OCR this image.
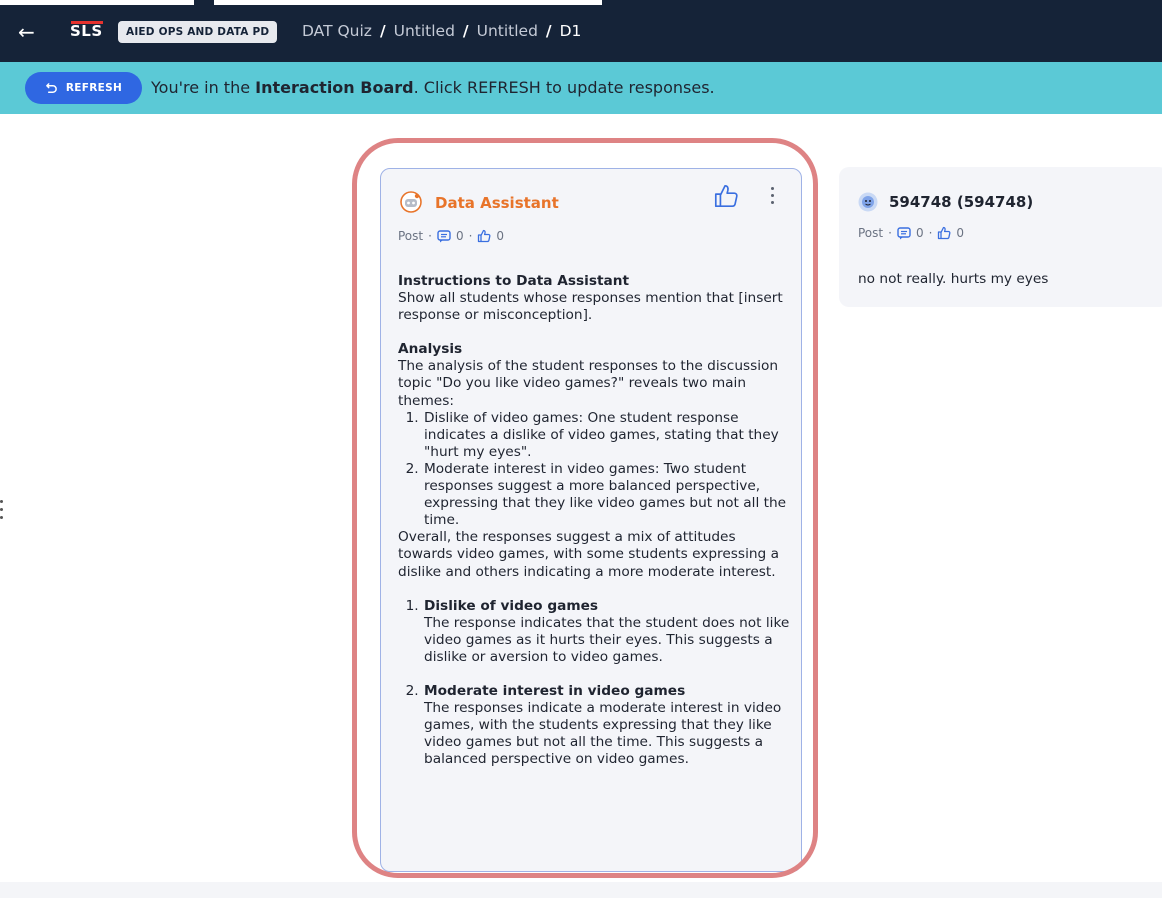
←	SLS	AIED OPS AND DATA PD	DAT Quiz / Untitled / Untitled / D1
REFRESH You're in the Interaction Board. Click REFRESH to update responses.
Data Assistant
Post · 0 · 0
Instructions to Data Assistant

Show all students whose responses mention that [insert response or misconception].

Analysis

The analysis of the student responses to the discussion topic "Do you like video games?" reveals two main themes:

1. Dislike of video games: One student response indicates a dislike of video games, stating that they "hurt my eyes".
2. Moderate interest in video games: Two student responses suggest a more balanced perspective, expressing that they like video games but not all the time.

Overall, the responses suggest a mix of attitudes towards video games, with some students expressing a dislike and others indicating a more moderate interest.

1. Dislike of video games

The response indicates that the student does not like video games as it hurts their eyes. This suggests a dislike or aversion to video games.

2. Moderate interest in video games

The responses indicate a moderate interest in video games, with the students expressing that they like video games but not all the time. This suggests a balanced perspective on video games.

594748 (594748)
Post · 0 · 0
no not really. hurts my eyes
